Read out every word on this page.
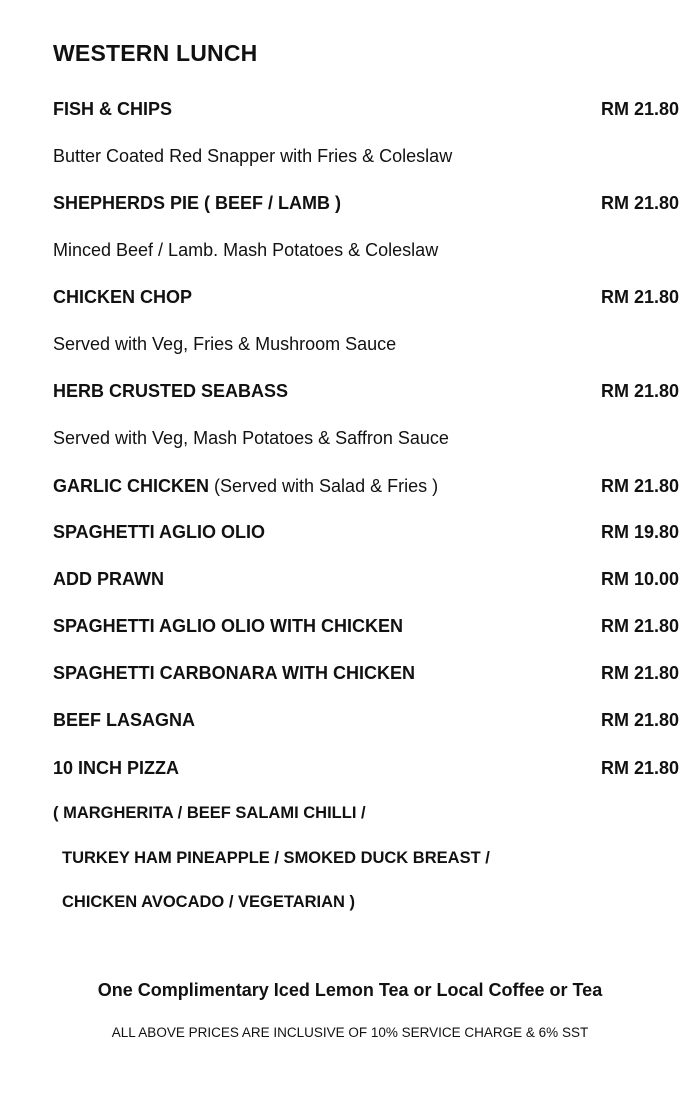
WESTERN LUNCH
FISH & CHIPS	RM 21.80
Butter Coated Red Snapper with Fries & Coleslaw
SHEPHERDS PIE ( BEEF / LAMB )	RM 21.80
Minced Beef / Lamb. Mash Potatoes & Coleslaw
CHICKEN CHOP	RM 21.80
Served with Veg, Fries & Mushroom Sauce
HERB CRUSTED SEABASS	RM 21.80
Served with Veg, Mash Potatoes & Saffron Sauce
GARLIC CHICKEN (Served with Salad & Fries )	RM 21.80
SPAGHETTI AGLIO OLIO	RM 19.80
ADD PRAWN	RM 10.00
SPAGHETTI AGLIO OLIO WITH CHICKEN	RM 21.80
SPAGHETTI CARBONARA WITH CHICKEN	RM 21.80
BEEF LASAGNA	RM 21.80
10 INCH PIZZA	RM 21.80
( MARGHERITA / BEEF SALAMI CHILLI /
TURKEY HAM PINEAPPLE / SMOKED DUCK BREAST /
CHICKEN AVOCADO / VEGETARIAN )
One Complimentary Iced Lemon Tea or Local Coffee or Tea
ALL ABOVE PRICES ARE INCLUSIVE OF 10% SERVICE CHARGE & 6% SST
